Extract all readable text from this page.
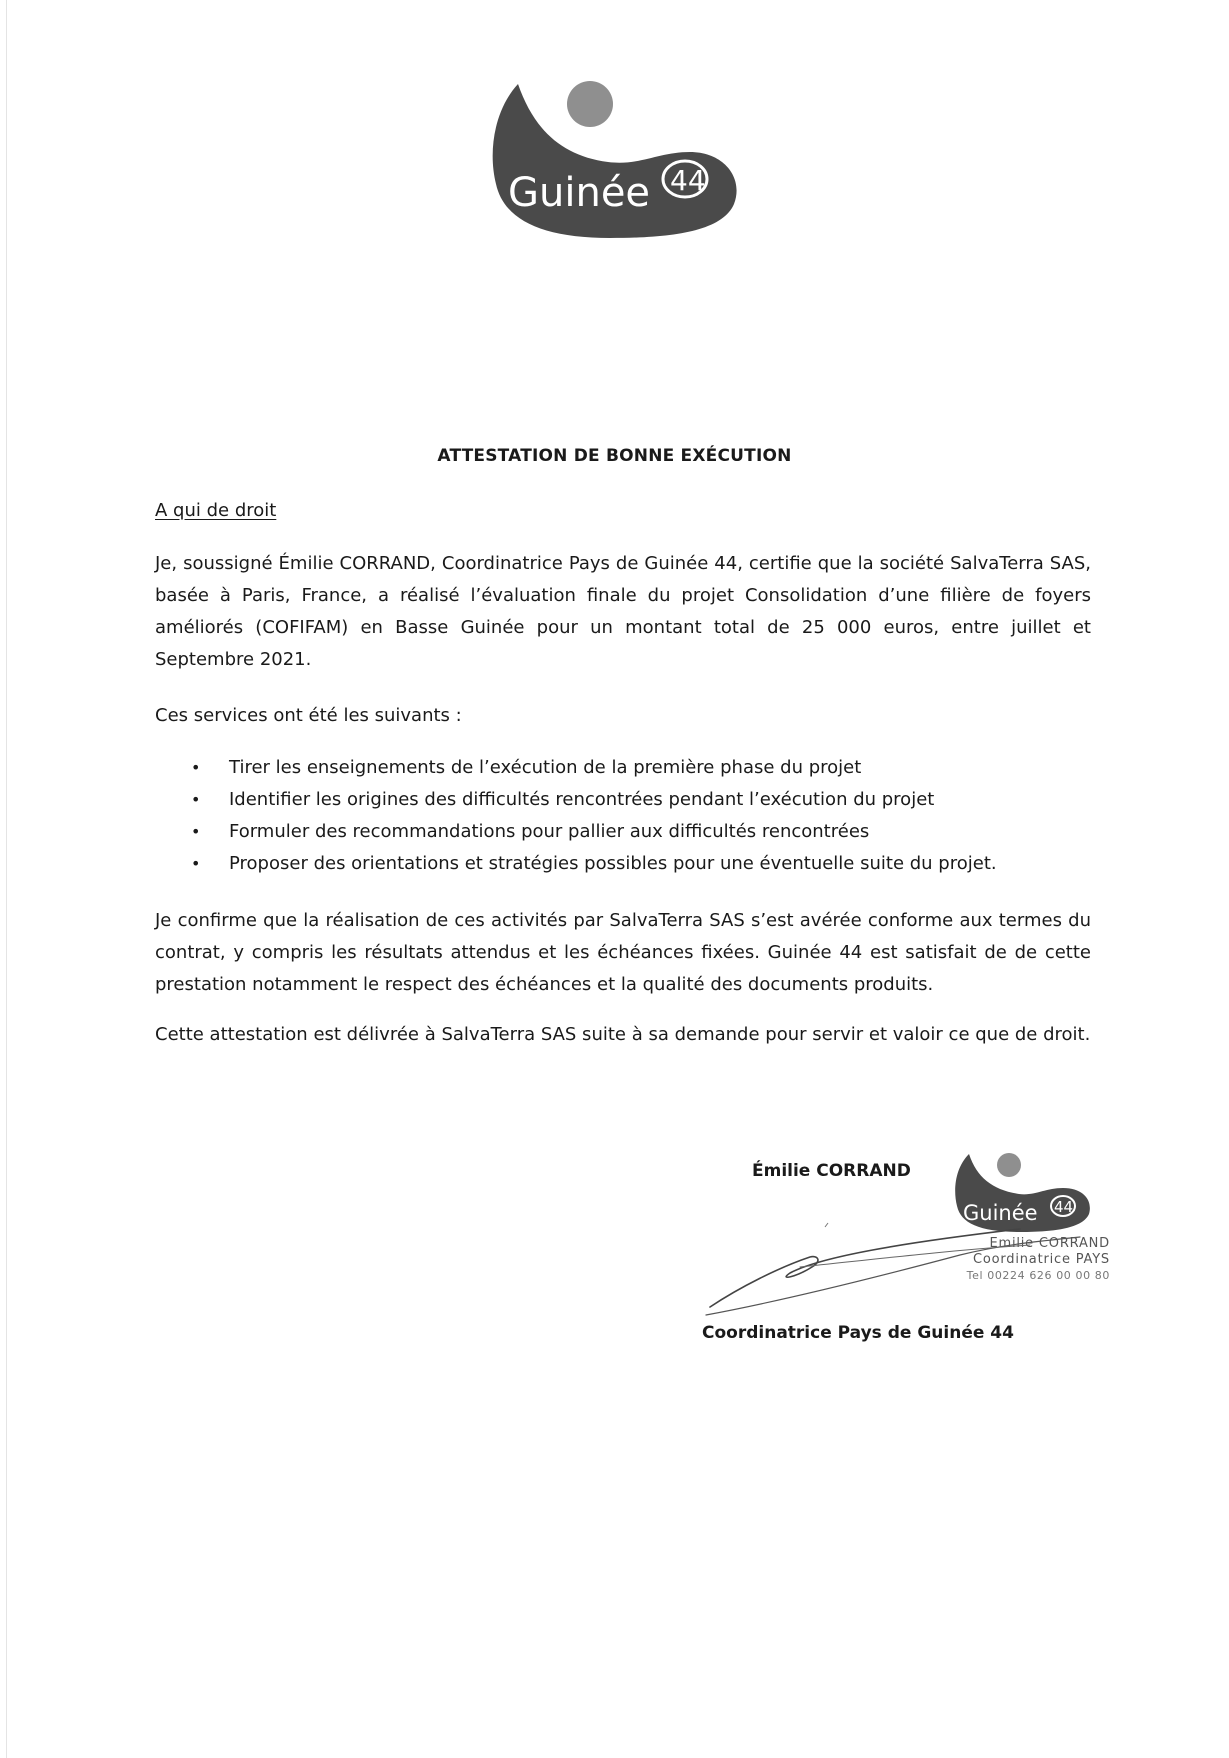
Guinée 44
ATTESTATION DE BONNE EXÉCUTION
A qui de droit
Je, soussigné Émilie CORRAND, Coordinatrice Pays de Guinée 44, certifie que la société SalvaTerra SAS, basée à Paris, France, a réalisé l’évaluation finale du projet Consolidation d’une filière de foyers améliorés (COFIFAM) en Basse Guinée pour un montant total de 25 000 euros, entre juillet et Septembre 2021.
Ces services ont été les suivants :
• Tirer les enseignements de l’exécution de la première phase du projet
• Identifier les origines des difficultés rencontrées pendant l’exécution du projet
• Formuler des recommandations pour pallier aux difficultés rencontrées
• Proposer des orientations et stratégies possibles pour une éventuelle suite du projet.
Je confirme que la réalisation de ces activités par SalvaTerra SAS s’est avérée conforme aux termes du contrat, y compris les résultats attendus et les échéances fixées. Guinée 44 est satisfait de de cette prestation notamment le respect des échéances et la qualité des documents produits.
Cette attestation est délivrée à SalvaTerra SAS suite à sa demande pour servir et valoir ce que de droit.
Émilie CORRAND
Guinée 44
Emilie CORRAND
Coordinatrice PAYS
Tel 00224 626 00 00 80
Coordinatrice Pays de Guinée 44
